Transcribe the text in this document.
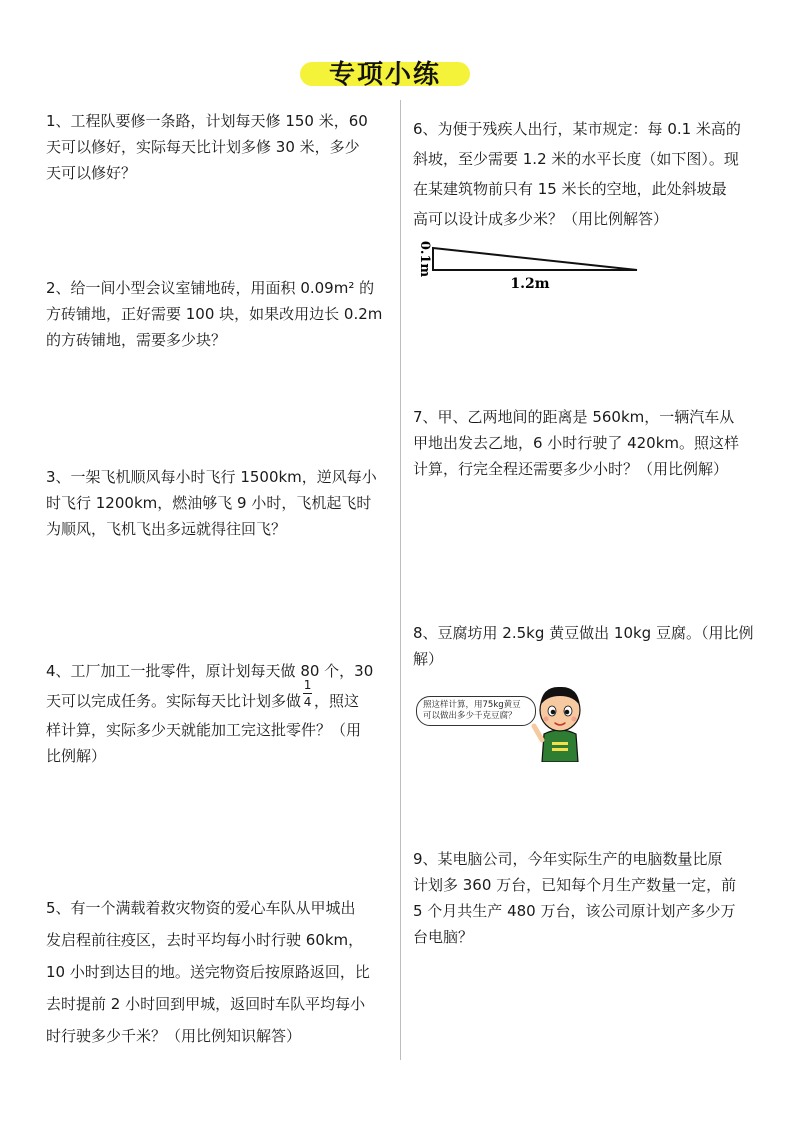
专项小练
1、工程队要修一条路，计划每天修 150 米，60
天可以修好，实际每天比计划多修 30 米，多少
天可以修好？
2、给一间小型会议室铺地砖，用面积 0.09m² 的
方砖铺地，正好需要 100 块，如果改用边长 0.2m
的方砖铺地，需要多少块？
3、一架飞机顺风每小时飞行 1500km，逆风每小
时飞行 1200km，燃油够飞 9 小时，飞机起飞时
为顺风，飞机飞出多远就得往回飞？
4、工厂加工一批零件，原计划每天做 80 个，30
天可以完成任务。实际每天比计划多做 $\frac{1}{4}$ ，照这
样计算，实际多少天就能加工完这批零件？（用
比例解）
5、有一个满载着救灾物资的爱心车队从甲城出
发启程前往疫区，去时平均每小时行驶 60km，
10 小时到达目的地。送完物资后按原路返回，比
去时提前 2 小时回到甲城，返回时车队平均每小
时行驶多少千米？（用比例知识解答）
6、为便于残疾人出行，某市规定：每 0.1 米高的
斜坡，至少需要 1.2 米的水平长度（如下图）。现
在某建筑物前只有 15 米长的空地，此处斜坡最
高可以设计成多少米？（用比例解答）
0.1m
1.2m
7、甲、乙两地间的距离是 560km，一辆汽车从
甲地出发去乙地，6 小时行驶了 420km。照这样
计算，行完全程还需要多少小时？（用比例解）
8、豆腐坊用 2.5kg 黄豆做出 10kg 豆腐。（用比例
解）
照这样计算，用75kg黄豆
可以做出多少千克豆腐？
9、某电脑公司，今年实际生产的电脑数量比原
计划多 360 万台，已知每个月生产数量一定，前
5 个月共生产 480 万台，该公司原计划产多少万
台电脑？
